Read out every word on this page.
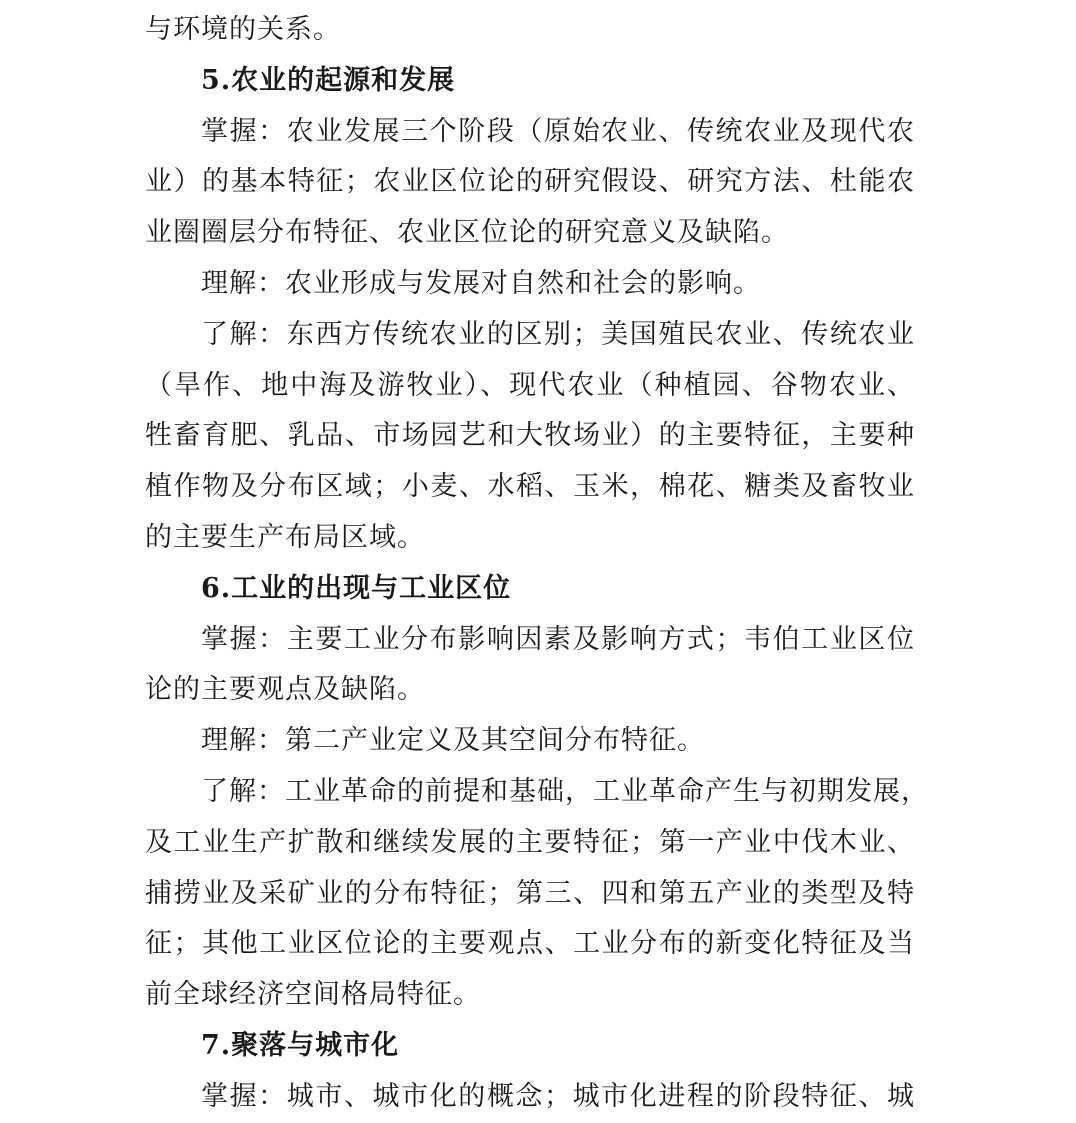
与环境的关系。
5.农业的起源和发展
掌握：农业发展三个阶段（原始农业、传统农业及现代农
业）的基本特征；农业区位论的研究假设、研究方法、杜能农
业圈圈层分布特征、农业区位论的研究意义及缺陷。
理解：农业形成与发展对自然和社会的影响。
了解：东西方传统农业的区别；美国殖民农业、传统农业
（旱作、地中海及游牧业）、现代农业（种植园、谷物农业、
牲畜育肥、乳品、市场园艺和大牧场业）的主要特征，主要种
植作物及分布区域；小麦、水稻、玉米，棉花、糖类及畜牧业
的主要生产布局区域。
6.工业的出现与工业区位
掌握：主要工业分布影响因素及影响方式；韦伯工业区位
论的主要观点及缺陷。
理解：第二产业定义及其空间分布特征。
了解：工业革命的前提和基础，工业革命产生与初期发展，
及工业生产扩散和继续发展的主要特征；第一产业中伐木业、
捕捞业及采矿业的分布特征；第三、四和第五产业的类型及特
征；其他工业区位论的主要观点、工业分布的新变化特征及当
前全球经济空间格局特征。
7.聚落与城市化
掌握：城市、城市化的概念；城市化进程的阶段特征、城
